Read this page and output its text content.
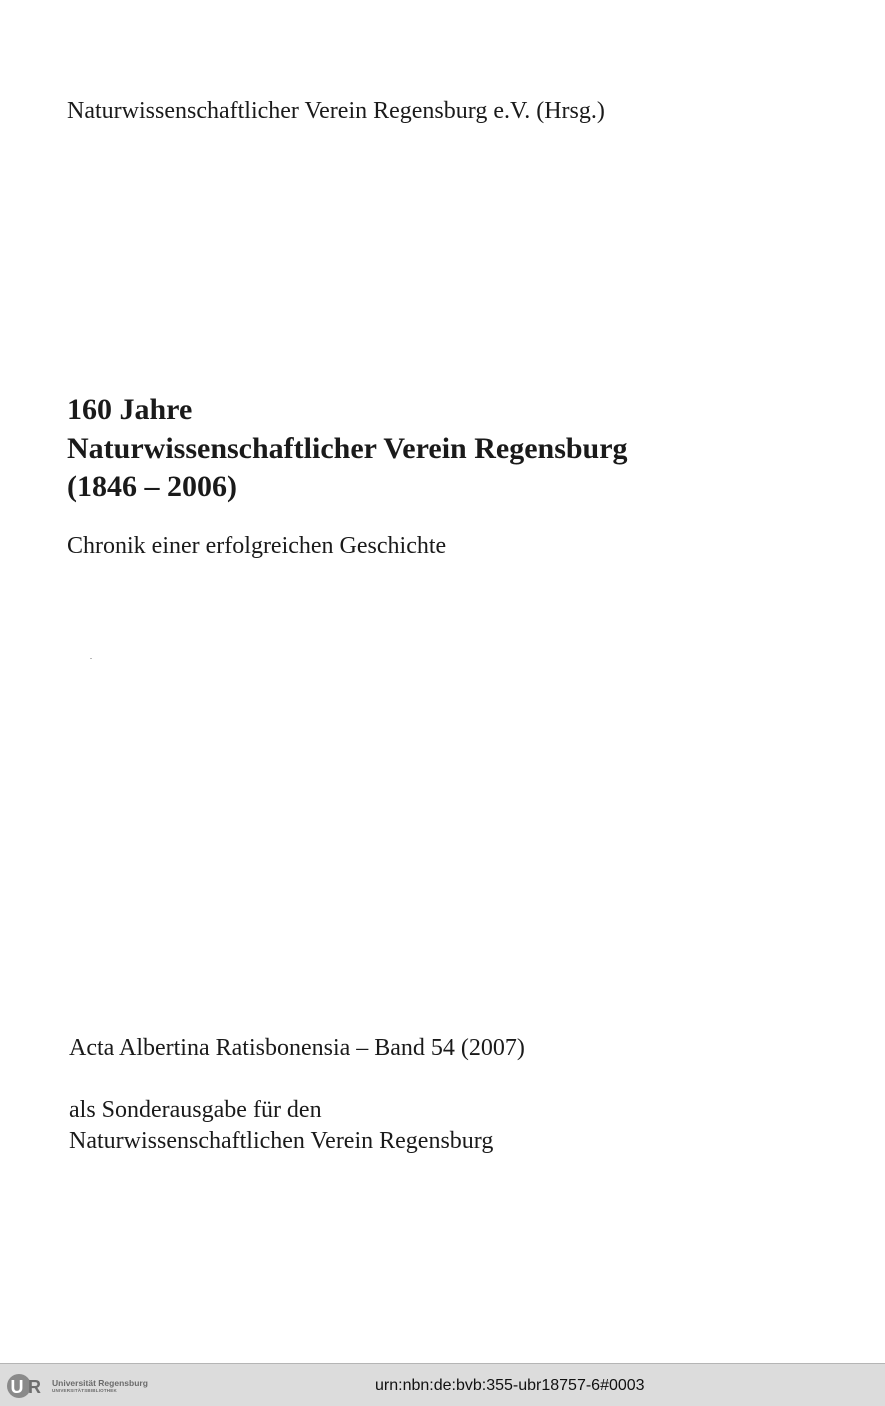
Naturwissenschaftlicher Verein Regensburg e.V. (Hrsg.)
160 Jahre
Naturwissenschaftlicher Verein Regensburg
(1846 – 2006)
Chronik einer erfolgreichen Geschichte
Acta Albertina Ratisbonensia – Band 54 (2007)
als Sonderausgabe für den
Naturwissenschaftlichen Verein Regensburg
U R Universität Regensburg
UNIVERSITÄTSBIBLIOTHEK	urn:nbn:de:bvb:355-ubr18757-6#0003
